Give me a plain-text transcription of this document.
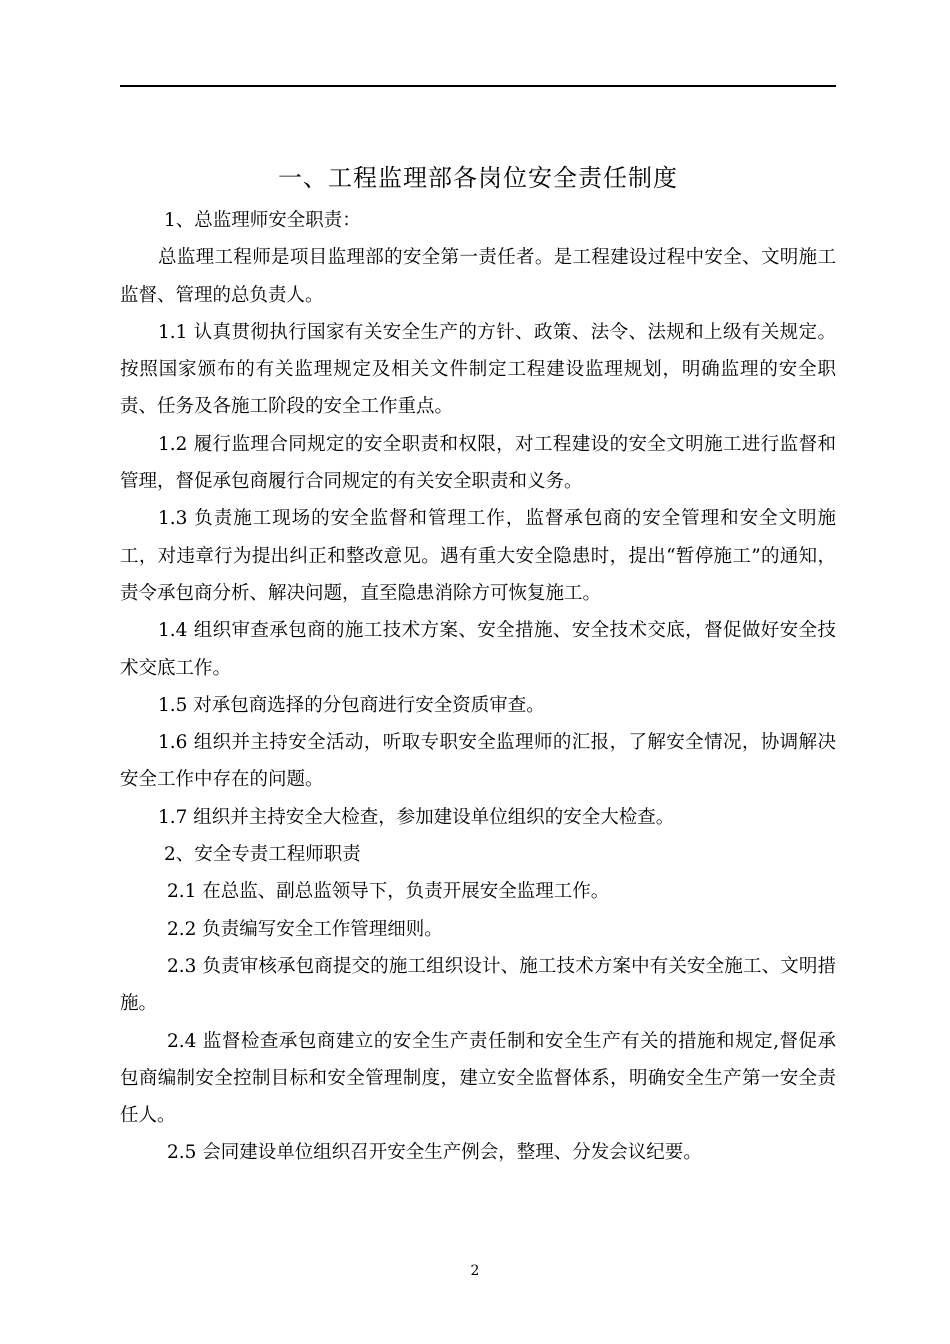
一、工程监理部各岗位安全责任制度

1、总监理师安全职责：

总监理工程师是项目监理部的安全第一责任者。是工程建设过程中安全、文明施工监督、管理的总负责人。

1.1 认真贯彻执行国家有关安全生产的方针、政策、法令、法规和上级有关规定。按照国家颁布的有关监理规定及相关文件制定工程建设监理规划，明确监理的安全职责、任务及各施工阶段的安全工作重点。

1.2 履行监理合同规定的安全职责和权限，对工程建设的安全文明施工进行监督和管理，督促承包商履行合同规定的有关安全职责和义务。

1.3 负责施工现场的安全监督和管理工作，监督承包商的安全管理和安全文明施工，对违章行为提出纠正和整改意见。遇有重大安全隐患时，提出“暂停施工”的通知，责令承包商分析、解决问题，直至隐患消除方可恢复施工。

1.4 组织审查承包商的施工技术方案、安全措施、安全技术交底，督促做好安全技术交底工作。

1.5 对承包商选择的分包商进行安全资质审查。

1.6 组织并主持安全活动，听取专职安全监理师的汇报，了解安全情况，协调解决安全工作中存在的问题。

1.7 组织并主持安全大检查，参加建设单位组织的安全大检查。

2、安全专责工程师职责

2.1 在总监、副总监领导下，负责开展安全监理工作。

2.2 负责编写安全工作管理细则。

2.3 负责审核承包商提交的施工组织设计、施工技术方案中有关安全施工、文明措施。

2.4 监督检查承包商建立的安全生产责任制和安全生产有关的措施和规定,督促承包商编制安全控制目标和安全管理制度，建立安全监督体系，明确安全生产第一安全责任人。

2.5 会同建设单位组织召开安全生产例会，整理、分发会议纪要。

2
